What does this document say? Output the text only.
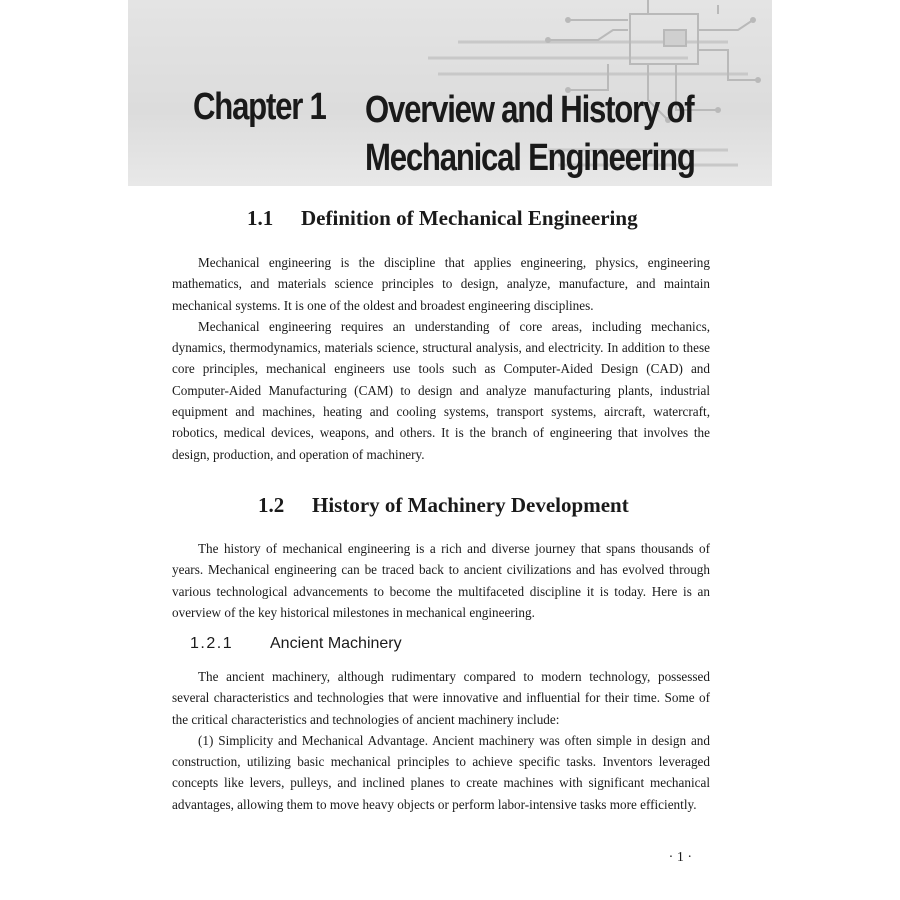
Chapter 1 Overview and History of
Mechanical Engineering
1.1 Definition of Mechanical Engineering

Mechanical engineering is the discipline that applies engineering, physics, engineering mathematics, and materials science principles to design, analyze, manufacture, and maintain mechanical systems. It is one of the oldest and broadest engineering disciplines.

Mechanical engineering requires an understanding of core areas, including mechanics, dynamics, thermodynamics, materials science, structural analysis, and electricity. In addition to these core principles, mechanical engineers use tools such as Computer-Aided Design (CAD) and Computer-Aided Manufacturing (CAM) to design and analyze manufacturing plants, industrial equipment and machines, heating and cooling systems, transport systems, aircraft, watercraft, robotics, medical devices, weapons, and others. It is the branch of engineering that involves the design, production, and operation of machinery.

1.2 History of Machinery Development

The history of mechanical engineering is a rich and diverse journey that spans thousands of years. Mechanical engineering can be traced back to ancient civilizations and has evolved through various technological advancements to become the multifaceted discipline it is today. Here is an overview of the key historical milestones in mechanical engineering.

1.2.1 Ancient Machinery

The ancient machinery, although rudimentary compared to modern technology, possessed several characteristics and technologies that were innovative and influential for their time. Some of the critical characteristics and technologies of ancient machinery include:

(1) Simplicity and Mechanical Advantage. Ancient machinery was often simple in design and construction, utilizing basic mechanical principles to achieve specific tasks. Inventors leveraged concepts like levers, pulleys, and inclined planes to create machines with significant mechanical advantages, allowing them to move heavy objects or perform labor-intensive tasks more efficiently.

· 1 ·
